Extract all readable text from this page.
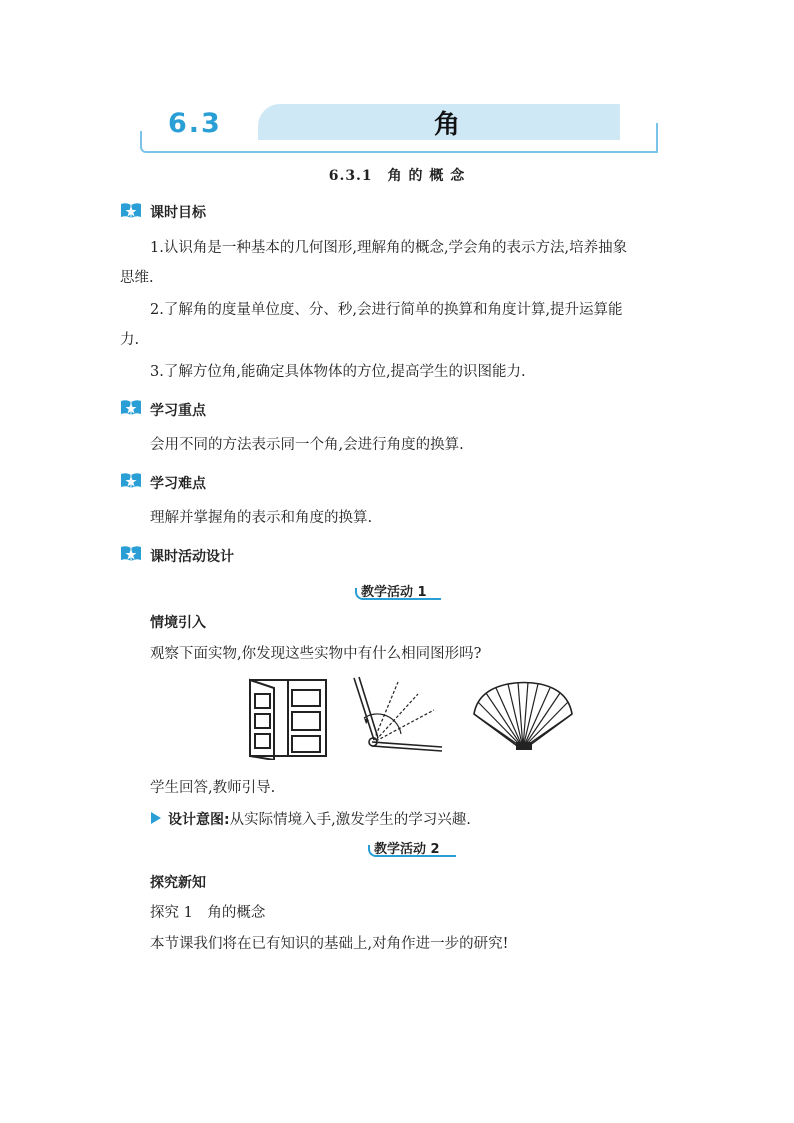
6.3	角
6.3.1　角 的 概 念
课时目标
1.认识角是一种基本的几何图形,理解角的概念,学会角的表示方法,培养抽象
思维.
2.了解角的度量单位度、分、秒,会进行简单的换算和角度计算,提升运算能
力.
3.了解方位角,能确定具体物体的方位,提高学生的识图能力.
学习重点
会用不同的方法表示同一个角,会进行角度的换算.
学习难点
理解并掌握角的表示和角度的换算.
课时活动设计
教学活动 1
情境引入
观察下面实物,你发现这些实物中有什么相同图形吗?
学生回答,教师引导.
设计意图:从实际情境入手,激发学生的学习兴趣.
教学活动 2
探究新知
探究 1　角的概念
本节课我们将在已有知识的基础上,对角作进一步的研究!
